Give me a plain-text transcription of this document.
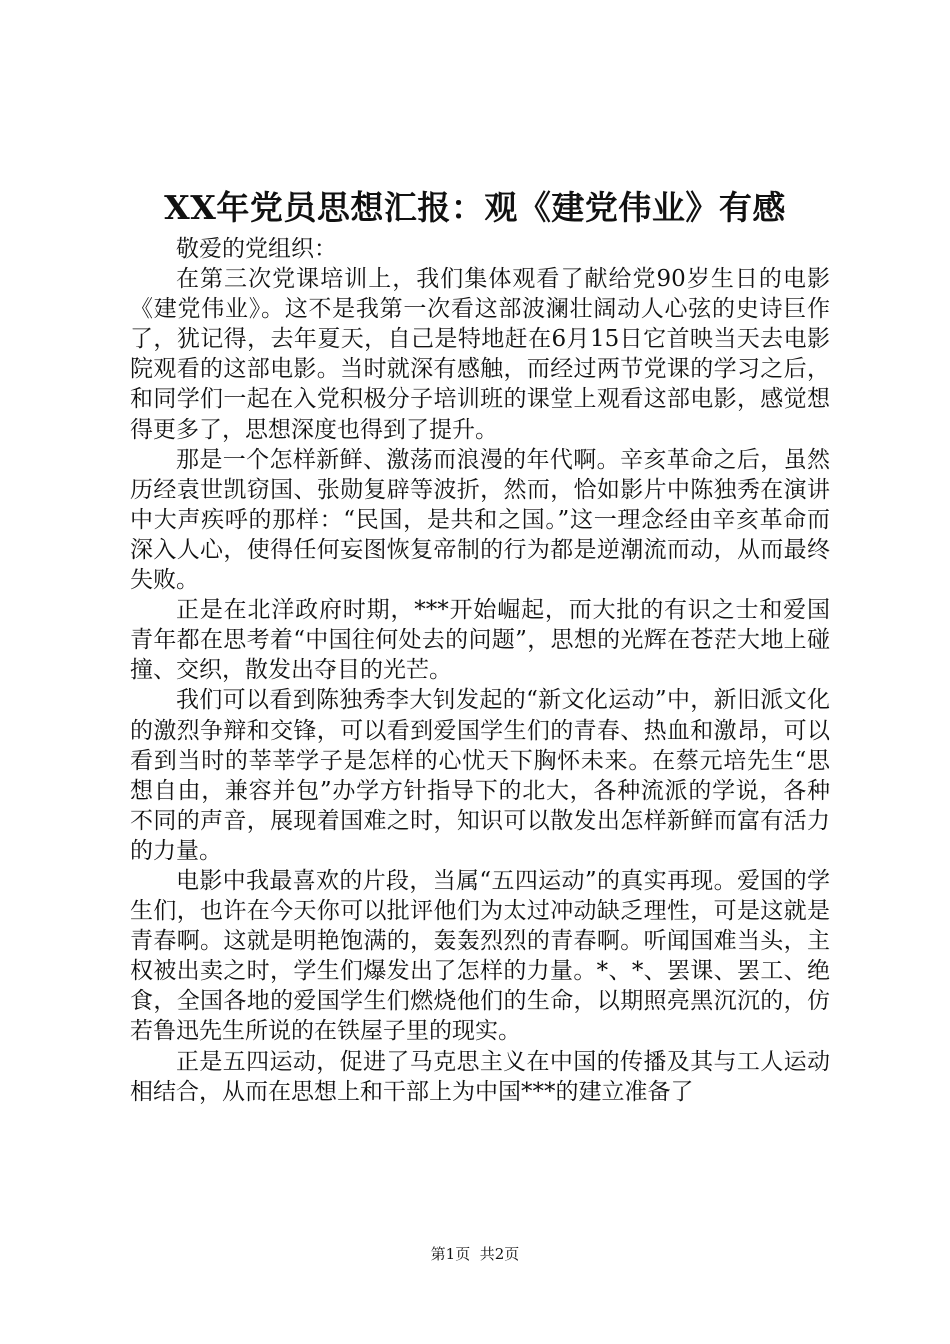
XX年党员思想汇报：观《建党伟业》有感

敬爱的党组织：

在第三次党课培训上，我们集体观看了献给党90岁生日的电影《建党伟业》。这不是我第一次看这部波澜壮阔动人心弦的史诗巨作了，犹记得，去年夏天，自己是特地赶在6月15日它首映当天去电影院观看的这部电影。当时就深有感触，而经过两节党课的学习之后，和同学们一起在入党积极分子培训班的课堂上观看这部电影，感觉想得更多了，思想深度也得到了提升。

那是一个怎样新鲜、激荡而浪漫的年代啊。辛亥革命之后，虽然历经袁世凯窃国、张勋复辟等波折，然而，恰如影片中陈独秀在演讲中大声疾呼的那样：“民国，是共和之国。”这一理念经由辛亥革命而深入人心，使得任何妄图恢复帝制的行为都是逆潮流而动，从而最终失败。

正是在北洋政府时期，***开始崛起，而大批的有识之士和爱国青年都在思考着“中国往何处去的问题”，思想的光辉在苍茫大地上碰撞、交织，散发出夺目的光芒。

我们可以看到陈独秀李大钊发起的“新文化运动”中，新旧派文化的激烈争辩和交锋，可以看到爱国学生们的青春、热血和激昂，可以看到当时的莘莘学子是怎样的心忧天下胸怀未来。在蔡元培先生“思想自由，兼容并包”办学方针指导下的北大，各种流派的学说，各种不同的声音，展现着国难之时，知识可以散发出怎样新鲜而富有活力的力量。

电影中我最喜欢的片段，当属“五四运动”的真实再现。爱国的学生们，也许在今天你可以批评他们为太过冲动缺乏理性，可是这就是青春啊。这就是明艳饱满的，轰轰烈烈的青春啊。听闻国难当头，主权被出卖之时，学生们爆发出了怎样的力量。*、*、罢课、罢工、绝食，全国各地的爱国学生们燃烧他们的生命，以期照亮黑沉沉的，仿若鲁迅先生所说的在铁屋子里的现实。

正是五四运动，促进了马克思主义在中国的传播及其与工人运动相结合，从而在思想上和干部上为中国***的建立准备了

第1页 共2页
